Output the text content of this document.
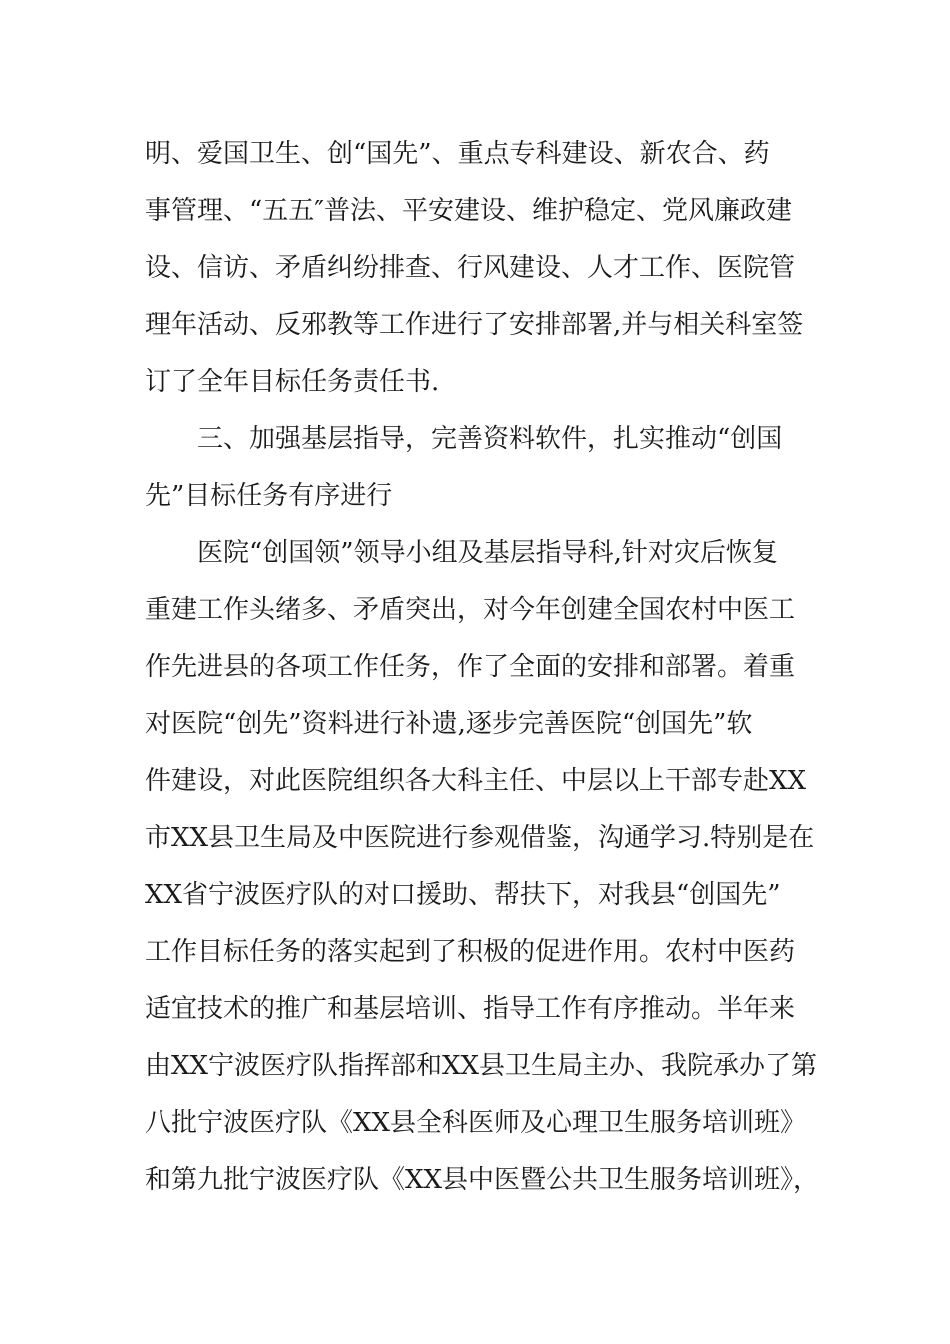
明、爱国卫生、创“国先”、重点专科建设、新农合、药
事管理、“五五″普法、平安建设、维护稳定、党风廉政建
设、信访、矛盾纠纷排查、行风建设、人才工作、医院管
理年活动、反邪教等工作进行了安排部署,并与相关科室签
订了全年目标任务责任书.
三、加强基层指导，完善资料软件，扎实推动“创国
先”目标任务有序进行
医院“创国领”领导小组及基层指导科,针对灾后恢复
重建工作头绪多、矛盾突出，对今年创建全国农村中医工
作先进县的各项工作任务，作了全面的安排和部署。着重
对医院“创先”资料进行补遗,逐步完善医院“创国先”软
件建设，对此医院组织各大科主任、中层以上干部专赴XX
市XX县卫生局及中医院进行参观借鉴，沟通学习.特别是在
XX省宁波医疗队的对口援助、帮扶下，对我县“创国先”
工作目标任务的落实起到了积极的促进作用。农村中医药
适宜技术的推广和基层培训、指导工作有序推动。半年来
由XX宁波医疗队指挥部和XX县卫生局主办、我院承办了第
八批宁波医疗队《XX县全科医师及心理卫生服务培训班》
和第九批宁波医疗队《XX县中医暨公共卫生服务培训班》，
